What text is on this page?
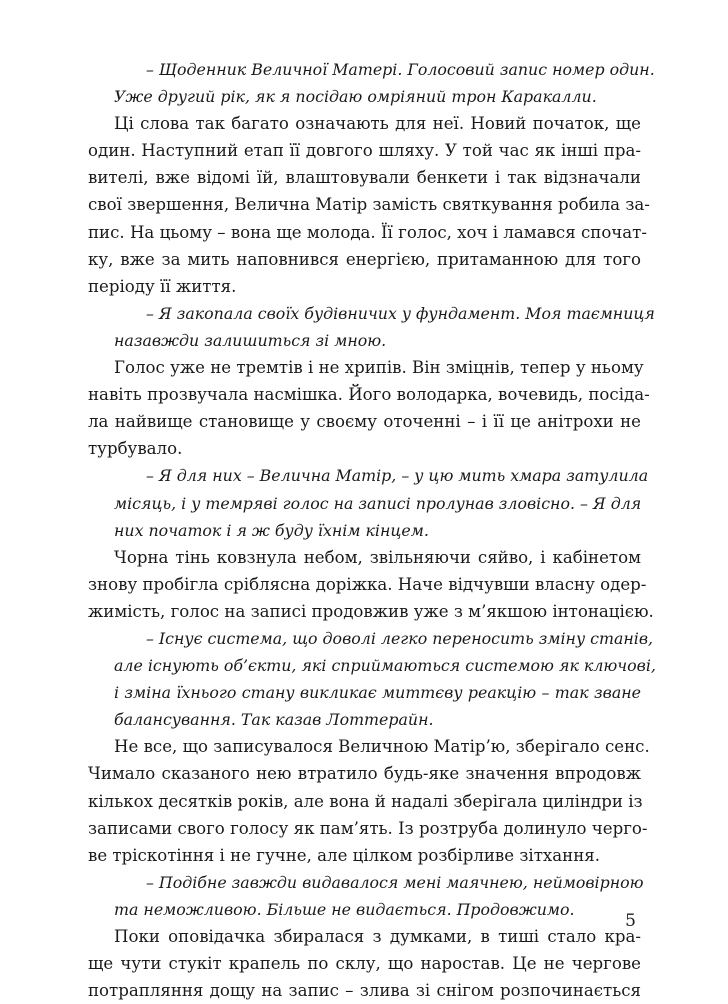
– Щоденник Величної Матері. Голосовий запис номер один.
Уже другий рік, як я посідаю омріяний трон Каракалли.
Ці слова так багато означають для неї. Новий початок, ще
один. Наступний етап її довгого шляху. У той час як інші пра-
вителі, вже відомі їй, влаштовували бенкети і так відзначали
свої звершення, Велична Матір замість святкування робила за-
пис. На цьому – вона ще молода. Її голос, хоч і ламався спочат-
ку, вже за мить наповнився енергією, притаманною для того
періоду її життя.
– Я закопала своїх будівничих у фундамент. Моя таємниця
назавжди залишиться зі мною.
Голос уже не тремтів і не хрипів. Він зміцнів, тепер у ньому
навіть прозвучала насмішка. Його володарка, вочевидь, посіда-
ла найвище становище у своєму оточенні – і її це анітрохи не
турбувало.
– Я для них – Велична Матір, – у цю мить хмара затулила
місяць, і у темряві голос на записі пролунав зловісно. – Я для
них початок і я ж буду їхнім кінцем.
Чорна тінь ковзнула небом, звільняючи сяйво, і кабінетом
знову пробігла сріблясна доріжка. Наче відчувши власну одер-
жимість, голос на записі продовжив уже з м’якшою інтонацією.
– Існує система, що доволі легко переносить зміну станів,
але існують об’єкти, які сприймаються системою як ключові,
і зміна їхнього стану викликає миттєву реакцію – так зване
балансування. Так казав Лоттерайн.
Не все, що записувалося Величною Матір’ю, зберігало сенс.
Чимало сказаного нею втратило будь-яке значення впродовж
кількох десятків років, але вона й надалі зберігала циліндри із
записами свого голосу як пам’ять. Із розтруба долинуло черго-
ве тріскотіння і не гучне, але цілком розбірливе зітхання.
– Подібне завжди видавалося мені маячнею, неймовірною
та неможливою. Більше не видається. Продовжимо.
Поки оповідачка збиралася з думками, в тиші стало кра-
ще чути стукіт крапель по склу, що наростав. Це не чергове
потрапляння дощу на запис – злива зі снігом розпочинається
5
